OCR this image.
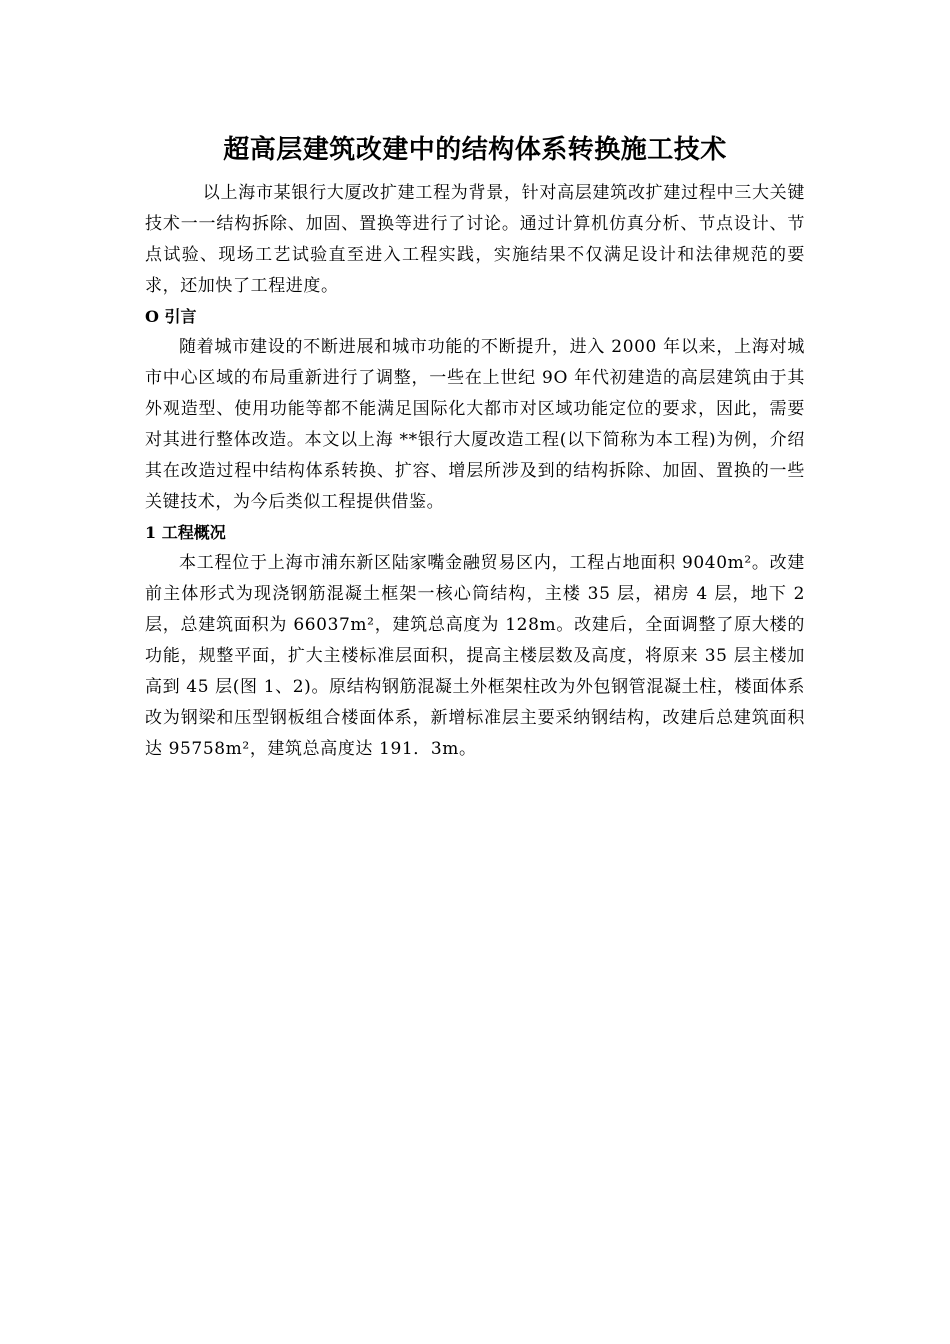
超高层建筑改建中的结构体系转换施工技术

以上海市某银行大厦改扩建工程为背景，针对高层建筑改扩建过程中三大关键技术一一结构拆除、加固、置换等进行了讨论。通过计算机仿真分析、节点设计、节点试验、现场工艺试验直至进入工程实践，实施结果不仅满足设计和法律规范的要求，还加快了工程进度。

O 引言

随着城市建设的不断进展和城市功能的不断提升，进入 2000 年以来，上海对城市中心区域的布局重新进行了调整，一些在上世纪 9O 年代初建造的高层建筑由于其外观造型、使用功能等都不能满足国际化大都市对区域功能定位的要求，因此，需要对其进行整体改造。本文以上海 **银行大厦改造工程(以下简称为本工程)为例，介绍其在改造过程中结构体系转换、扩容、增层所涉及到的结构拆除、加固、置换的一些关键技术，为今后类似工程提供借鉴。

1 工程概况

本工程位于上海市浦东新区陆家嘴金融贸易区内，工程占地面积 9040m²。改建前主体形式为现浇钢筋混凝土框架一核心筒结构，主楼 35 层，裙房 4 层，地下 2 层，总建筑面积为 66037m²，建筑总高度为 128m。改建后，全面调整了原大楼的功能，规整平面，扩大主楼标准层面积，提高主楼层数及高度，将原来 35 层主楼加高到 45 层(图 1、2)。原结构钢筋混凝土外框架柱改为外包钢管混凝土柱，楼面体系改为钢梁和压型钢板组合楼面体系，新增标准层主要采纳钢结构，改建后总建筑面积达 95758m²，建筑总高度达 191．3m。
